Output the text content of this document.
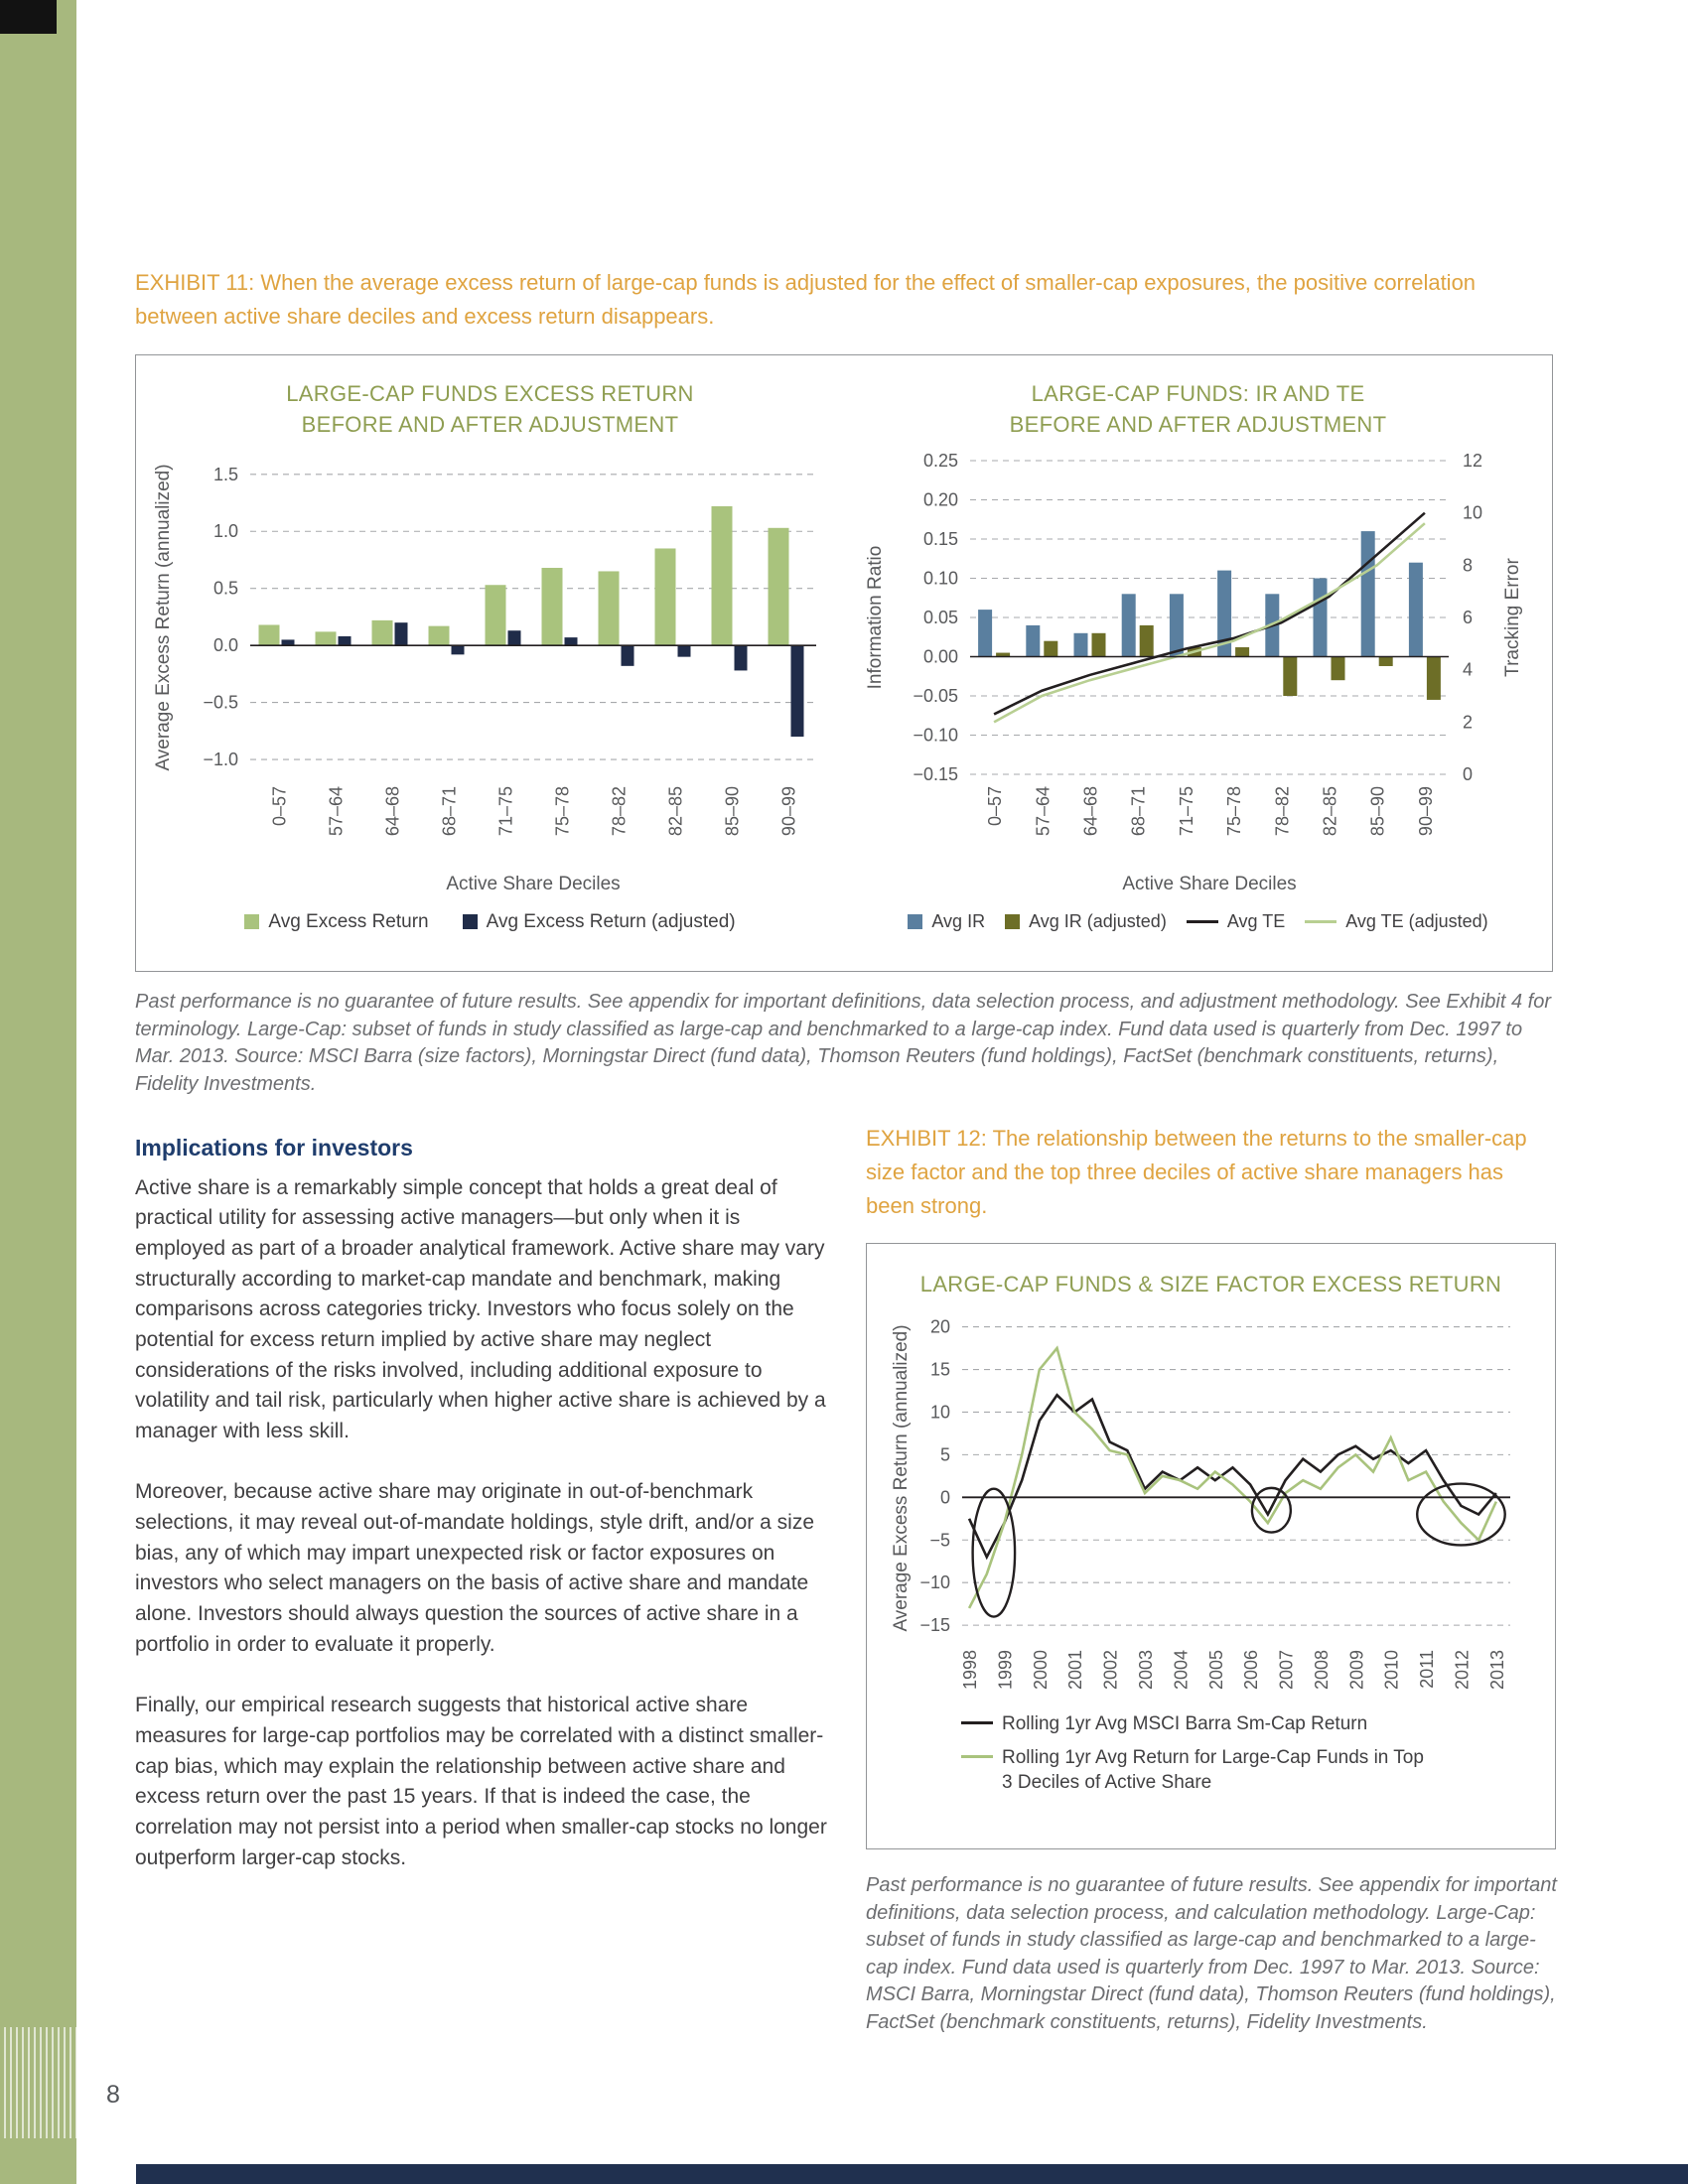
8

EXHIBIT 11: When the average excess return of large-cap funds is adjusted for the effect of smaller-cap exposures, the positive correlation between active share deciles and excess return disappears.

LARGE-CAP FUNDS EXCESS RETURN
BEFORE AND AFTER ADJUSTMENT
1.5
1.0
0.5
0.0
−0.5
−1.0
0–57 57–64 64–68 68–71 71–75 75–78 78–82 82–85 85–90 90–99
Average Excess Return (annualized)
Active Share Deciles
Avg Excess Return	Avg Excess Return (adjusted)
LARGE-CAP FUNDS: IR AND TE
BEFORE AND AFTER ADJUSTMENT
0.25
0.20
0.15
0.10
0.05
0.00
−0.05
−0.10
−0.15
12
10
8
6
4
2
0
0–57 57–64 64–68 68–71 71–75 75–78 78–82 82–85 85–90 90–99
Information Ratio	Tracking Error
Active Share Deciles
Avg IR Avg IR (adjusted)	Avg TE	Avg TE (adjusted)

Past performance is no guarantee of future results. See appendix for important definitions, data selection process, and adjustment methodology. See Exhibit 4 for terminology. Large-Cap: subset of funds in study classified as large-cap and benchmarked to a large-cap index. Fund data used is quarterly from Dec. 1997 to Mar. 2013. Source: MSCI Barra (size factors), Morningstar Direct (fund data), Thomson Reuters (fund holdings), FactSet (benchmark constituents, returns), Fidelity Investments.

Implications for investors

Active share is a remarkably simple concept that holds a great deal of practical utility for assessing active managers—but only when it is employed as part of a broader analytical framework. Active share may vary structurally according to market-cap mandate and benchmark, making comparisons across categories tricky. Investors who focus solely on the potential for excess return implied by active share may neglect considerations of the risks involved, including additional exposure to volatility and tail risk, particularly when higher active share is achieved by a manager with less skill.

Moreover, because active share may originate in out-of-benchmark selections, it may reveal out-of-mandate holdings, style drift, and/or a size bias, any of which may impart unexpected risk or factor exposures on investors who select managers on the basis of active share and mandate alone. Investors should always question the sources of active share in a portfolio in order to evaluate it properly.

Finally, our empirical research suggests that historical active share measures for large-cap portfolios may be correlated with a distinct smaller-cap bias, which may explain the relationship between active share and excess return over the past 15 years. If that is indeed the case, the correlation may not persist into a period when smaller-cap stocks no longer outperform larger-cap stocks.

EXHIBIT 12: The relationship between the returns to the smaller-cap size factor and the top three deciles of active share managers has been strong.

LARGE-CAP FUNDS & SIZE FACTOR EXCESS RETURN
20
15
10
5
0
−5
−10
−15
1998 1999 2000 2001 2002 2003 2004 2005 2006 2007 2008 2009 2010 2011 2012 2013
Average Excess Return (annualized)
Rolling 1yr Avg MSCI Barra Sm-Cap Return
Rolling 1yr Avg Return for Large-Cap Funds in Top 3 Deciles of Active Share

Past performance is no guarantee of future results. See appendix for important definitions, data selection process, and calculation methodology. Large-Cap: subset of funds in study classified as large-cap and benchmarked to a large-cap index. Fund data used is quarterly from Dec. 1997 to Mar. 2013. Source: MSCI Barra, Morningstar Direct (fund data), Thomson Reuters (fund holdings), FactSet (benchmark constituents, returns), Fidelity Investments.
